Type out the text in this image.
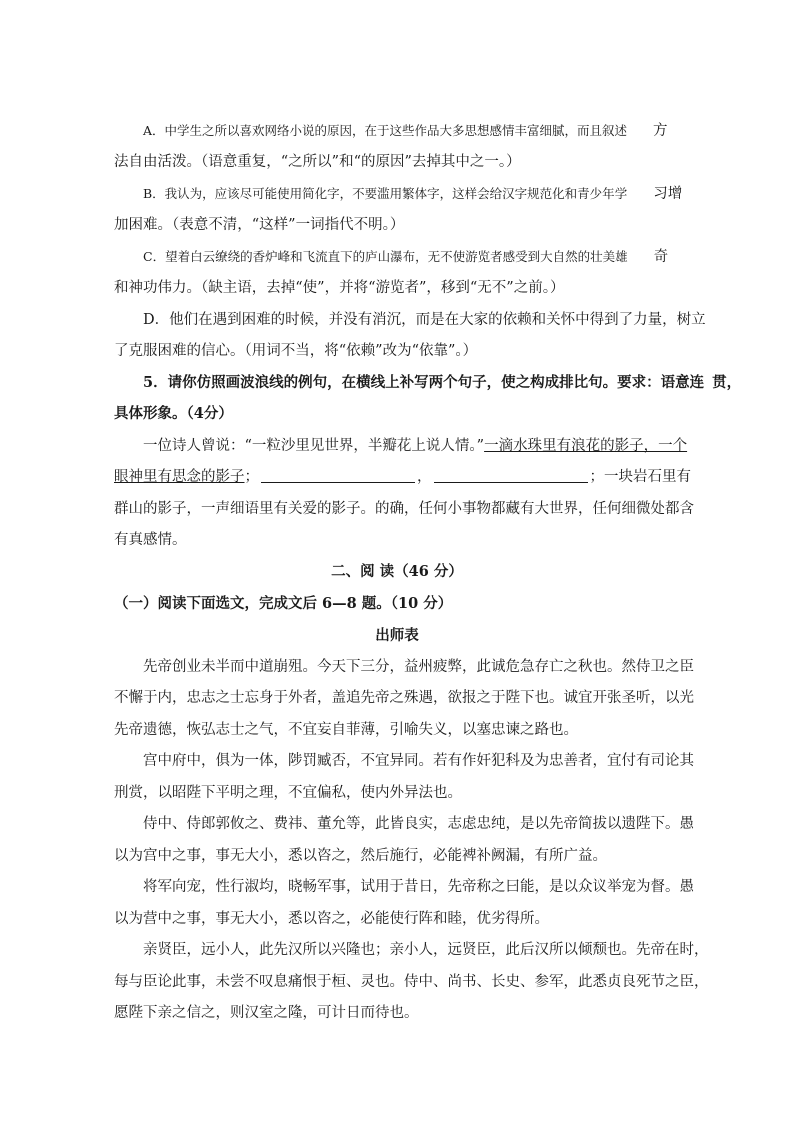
A．中学生之所以喜欢网络小说的原因，在于这些作品大多思想感情丰富细腻，而且叙述 方
法自由活泼。（语意重复，“之所以”和“的原因”去掉其中之一。）
B．我认为，应该尽可能使用简化字，不要滥用繁体字，这样会给汉字规范化和青少年学 习增
加困难。（表意不清，“这样”一词指代不明。）
C．望着白云缭绕的香炉峰和飞流直下的庐山瀑布，无不使游览者感受到大自然的壮美雄 奇
和神功伟力。（缺主语，去掉“使”，并将“游览者”，移到“无不”之前。）
D．他们在遇到困难的时候，并没有消沉，而是在大家的依赖和关怀中得到了力量，树立
了克服困难的信心。（用词不当，将“依赖”改为“依靠”。）
5．请你仿照画波浪线的例句，在横线上补写两个句子，使之构成排比句。要求：语意连 贯，
具体形象。（4分）
一位诗人曾说：“一粒沙里见世界，半瓣花上说人情。”一滴水珠里有浪花的影子，一个
眼神里有思念的影子；	，	；一块岩石里有
群山的影子，一声细语里有关爱的影子。的确，任何小事物都藏有大世界，任何细微处都含
有真感情。
二、阅 读（46 分）
（一）阅读下面选文，完成文后 6—8 题。（10 分）
出师表
先帝创业未半而中道崩殂。今天下三分，益州疲弊，此诚危急存亡之秋也。然侍卫之臣
不懈于内，忠志之士忘身于外者，盖追先帝之殊遇，欲报之于陛下也。诚宜开张圣听，以光
先帝遗德，恢弘志士之气，不宜妄自菲薄，引喻失义，以塞忠谏之路也。
宫中府中，俱为一体，陟罚臧否，不宜异同。若有作奸犯科及为忠善者，宜付有司论其
刑赏，以昭陛下平明之理，不宜偏私，使内外异法也。
侍中、侍郎郭攸之、费祎、董允等，此皆良实，志虑忠纯，是以先帝简拔以遗陛下。愚
以为宫中之事，事无大小，悉以咨之，然后施行，必能裨补阙漏，有所广益。
将军向宠，性行淑均，晓畅军事，试用于昔日，先帝称之曰能，是以众议举宠为督。愚
以为营中之事，事无大小，悉以咨之，必能使行阵和睦，优劣得所。
亲贤臣，远小人，此先汉所以兴隆也；亲小人，远贤臣，此后汉所以倾颓也。先帝在时，
每与臣论此事，未尝不叹息痛恨于桓、灵也。侍中、尚书、长史、参军，此悉贞良死节之臣，
愿陛下亲之信之，则汉室之隆，可计日而待也。
